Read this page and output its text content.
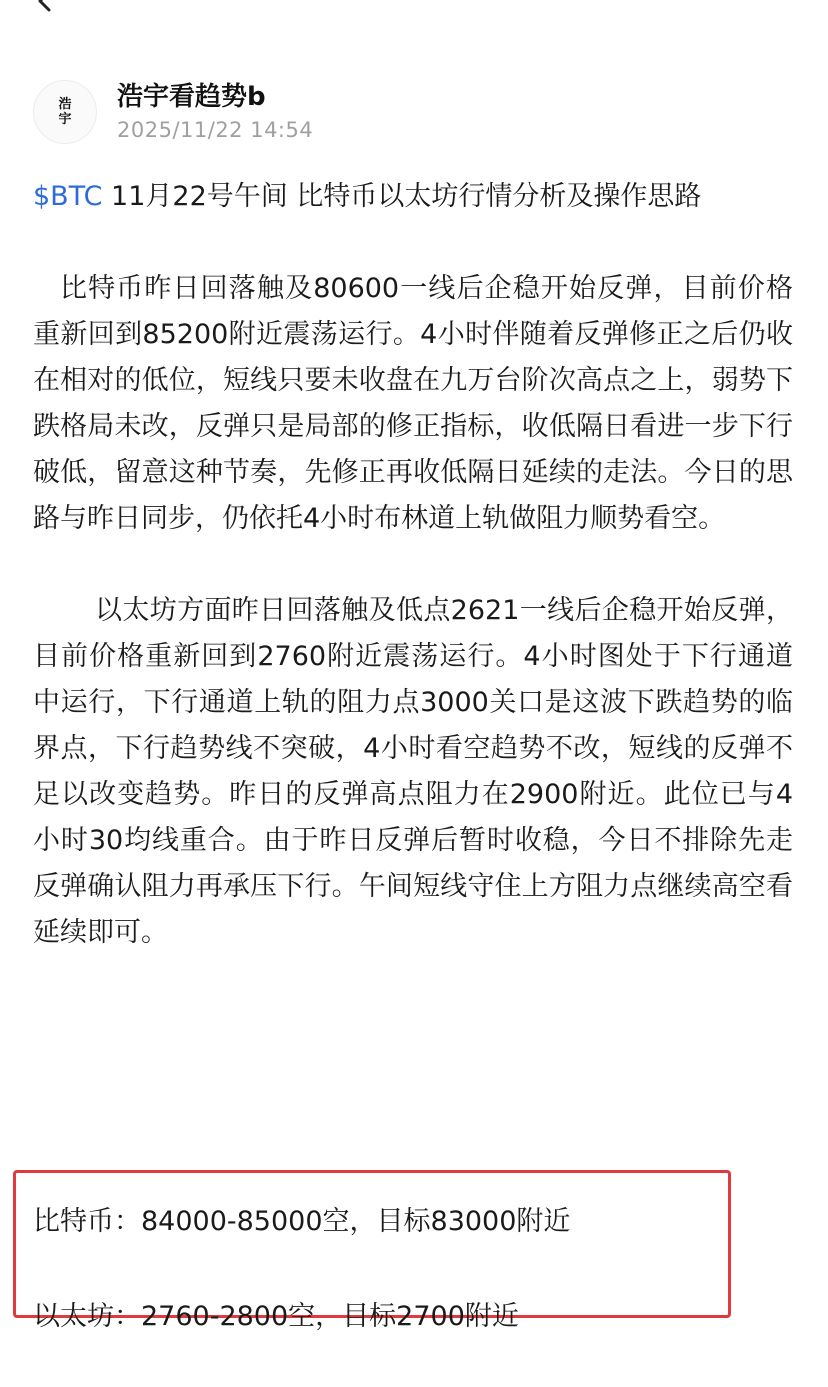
浩宇
浩宇看趋势b
2025/11/22 14:54

$BTC 11月22号午间 比特币以太坊行情分析及操作思路

比特币昨日回落触及80600一线后企稳开始反弹，目前价格重新回到85200附近震荡运行。4小时伴随着反弹修正之后仍收在相对的低位，短线只要未收盘在九万台阶次高点之上，弱势下跌格局未改，反弹只是局部的修正指标，收低隔日看进一步下行破低，留意这种节奏，先修正再收低隔日延续的走法。今日的思路与昨日同步，仍依托4小时布林道上轨做阻力顺势看空。

以太坊方面昨日回落触及低点2621一线后企稳开始反弹，目前价格重新回到2760附近震荡运行。4小时图处于下行通道中运行，下行通道上轨的阻力点3000关口是这波下跌趋势的临界点，下行趋势线不突破，4小时看空趋势不改，短线的反弹不足以改变趋势。昨日的反弹高点阻力在2900附近。此位已与4小时30均线重合。由于昨日反弹后暂时收稳，今日不排除先走反弹确认阻力再承压下行。午间短线守住上方阻力点继续高空看延续即可。

比特币：84000-85000空，目标83000附近
以太坊：2760-2800空，目标2700附近
